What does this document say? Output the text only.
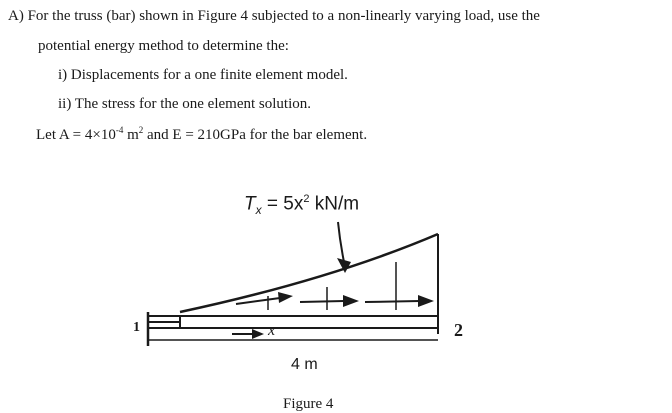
A) For the truss (bar) shown in Figure 4 subjected to a non-linearly varying load, use the
potential energy method to determine the:
i) Displacements for a one finite element model.
ii) The stress for the one element solution.
Let $A = 4\times 10^{-4}$ $m^2$ and E = 210GPa for the bar element.
$T_x = 5x^2$ kN/m
1	2
x
4 m
Figure 4
